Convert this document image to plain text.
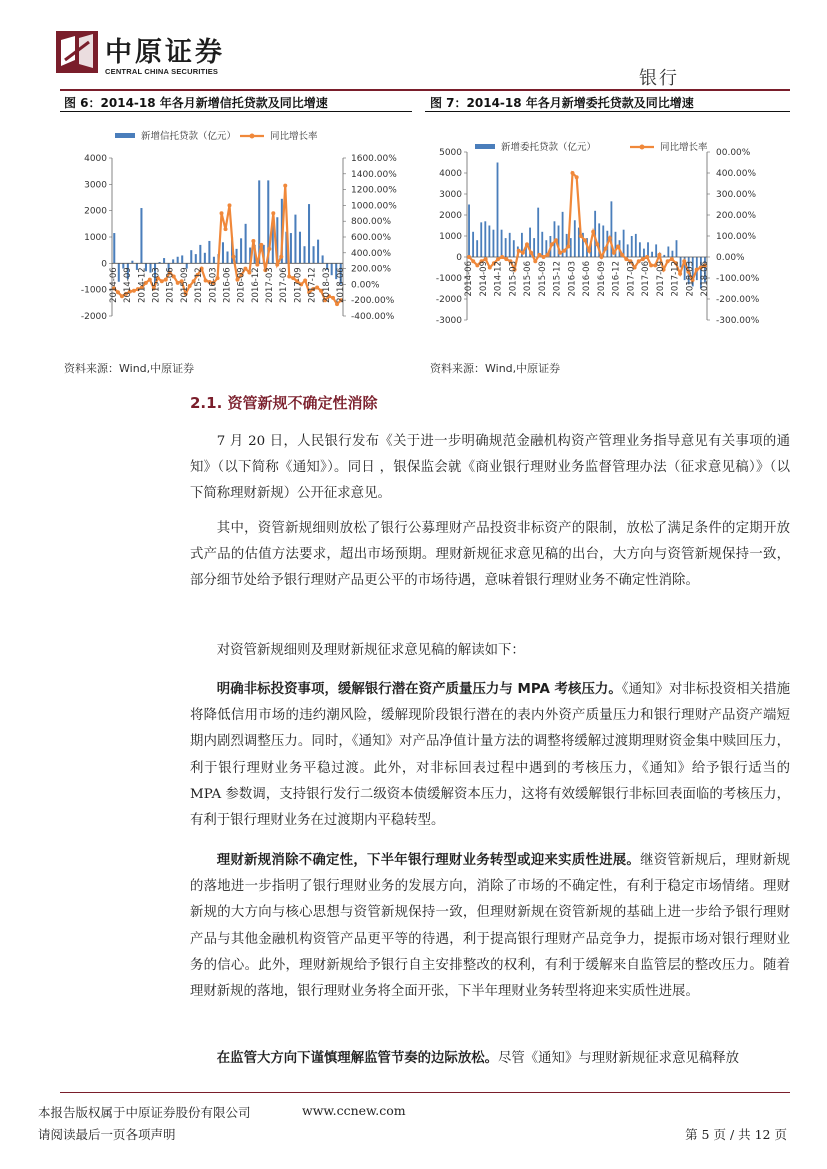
中原证券
CENTRAL CHINA SECURITIES	银行
图 6：2014-18 年各月新增信托贷款及同比增速	图 7：2014-18 年各月新增委托贷款及同比增速
4000
3000
2000
1000
0
-1000
-2000
1600.00%
1400.00%
1200.00%
1000.00%
800.00%
600.00%
400.00%
200.00%
0.00%
-200.00%
-400.00%
2014-06 2014-09 2014-12 2015-03 2015-06 2015-09 2015-12 2016-03 2016-06 2016-09 2016-12 2017-03 2017-06 2017-09 2017-12 2018-03 2018-06
新增信托贷款（亿元）	同比增长率
5000
4000
3000
2000
1000
0
-1000
-2000
-3000
00.00%
400.00%
300.00%
200.00%
100.00%
0.00%
-100.00%
-200.00%
-300.00%
2014-06 2014-09 2014-12 2015-03 2015-06 2015-09 2015-12 2016-03 2016-06 2016-09 2016-12 2017-03 2017-06 2017-09 2017-12 2018-03 2018-06
新增委托贷款（亿元）	同比增长率
资料来源：Wind,中原证券	资料来源：Wind,中原证券
2.1. 资管新规不确定性消除
7 月 20 日，人民银行发布《关于进一步明确规范金融机构资产管理业务指导意见有关事项的通知》（以下简称《通知》）。同日 ，银保监会就《商业银行理财业务监督管理办法（征求意见稿）》（以下简称理财新规）公开征求意见。
其中，资管新规细则放松了银行公募理财产品投资非标资产的限制，放松了满足条件的定期开放式产品的估值方法要求，超出市场预期。理财新规征求意见稿的出台，大方向与资管新规保持一致，部分细节处给予银行理财产品更公平的市场待遇，意味着银行理财业务不确定性消除。
对资管新规细则及理财新规征求意见稿的解读如下：
明确非标投资事项，缓解银行潜在资产质量压力与 MPA 考核压力。《通知》对非标投资相关措施将降低信用市场的违约潮风险，缓解现阶段银行潜在的表内外资产质量压力和银行理财产品资产端短期内剧烈调整压力。同时，《通知》对产品净值计量方法的调整将缓解过渡期理财资金集中赎回压力，利于银行理财业务平稳过渡。此外，对非标回表过程中遇到的考核压力，《通知》给予银行适当的 MPA 参数调，支持银行发行二级资本债缓解资本压力，这将有效缓解银行非标回表面临的考核压力，有利于银行理财业务在过渡期内平稳转型。
理财新规消除不确定性，下半年银行理财业务转型或迎来实质性进展。继资管新规后，理财新规的落地进一步指明了银行理财业务的发展方向，消除了市场的不确定性，有利于稳定市场情绪。理财新规的大方向与核心思想与资管新规保持一致，但理财新规在资管新规的基础上进一步给予银行理财产品与其他金融机构资管产品更平等的待遇，利于提高银行理财产品竞争力，提振市场对银行理财业务的信心。此外，理财新规给予银行自主安排整改的权利，有利于缓解来自监管层的整改压力。随着理财新规的落地，银行理财业务将全面开张，下半年理财业务转型将迎来实质性进展。
在监管大方向下谨慎理解监管节奏的边际放松。尽管《通知》与理财新规征求意见稿释放
本报告版权属于中原证券股份有限公司	www.ccnew.com
请阅读最后一页各项声明	第 5 页 / 共 12 页
